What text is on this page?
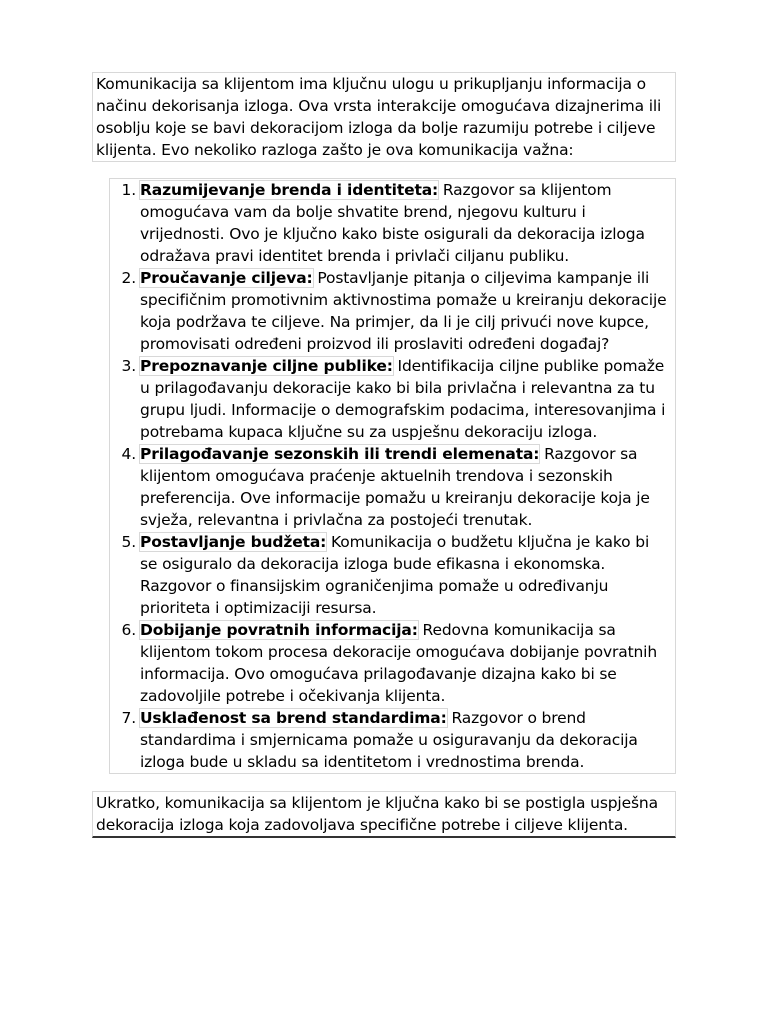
Komunikacija sa klijentom ima ključnu ulogu u prikupljanju informacija o načinu dekorisanja izloga. Ova vrsta interakcije omogućava dizajnerima ili osoblju koje se bavi dekoracijom izloga da bolje razumiju potrebe i ciljeve klijenta. Evo nekoliko razloga zašto je ova komunikacija važna:
1. Razumijevanje brenda i identiteta: Razgovor sa klijentom omogućava vam da bolje shvatite brend, njegovu kulturu i vrijednosti. Ovo je ključno kako biste osigurali da dekoracija izloga odražava pravi identitet brenda i privlači ciljanu publiku.
2. Proučavanje ciljeva: Postavljanje pitanja o ciljevima kampanje ili specifičnim promotivnim aktivnostima pomaže u kreiranju dekoracije koja podržava te ciljeve. Na primjer, da li je cilj privući nove kupce, promovisati određeni proizvod ili proslaviti određeni događaj?
3. Prepoznavanje ciljne publike: Identifikacija ciljne publike pomaže u prilagođavanju dekoracije kako bi bila privlačna i relevantna za tu grupu ljudi. Informacije o demografskim podacima, interesovanjima i potrebama kupaca ključne su za uspješnu dekoraciju izloga.
4. Prilagođavanje sezonskih ili trendi elemenata: Razgovor sa klijentom omogućava praćenje aktuelnih trendova i sezonskih preferencija. Ove informacije pomažu u kreiranju dekoracije koja je svježa, relevantna i privlačna za postojeći trenutak.
5. Postavljanje budžeta: Komunikacija o budžetu ključna je kako bi se osiguralo da dekoracija izloga bude efikasna i ekonomska. Razgovor o finansijskim ograničenjima pomaže u određivanju prioriteta i optimizaciji resursa.
6. Dobijanje povratnih informacija: Redovna komunikacija sa klijentom tokom procesa dekoracije omogućava dobijanje povratnih informacija. Ovo omogućava prilagođavanje dizajna kako bi se zadovoljile potrebe i očekivanja klijenta.
7. Usklađenost sa brend standardima: Razgovor o brend standardima i smjernicama pomaže u osiguravanju da dekoracija izloga bude u skladu sa identitetom i vrednostima brenda.
Ukratko, komunikacija sa klijentom je ključna kako bi se postigla uspješna dekoracija izloga koja zadovoljava specifične potrebe i ciljeve klijenta.
